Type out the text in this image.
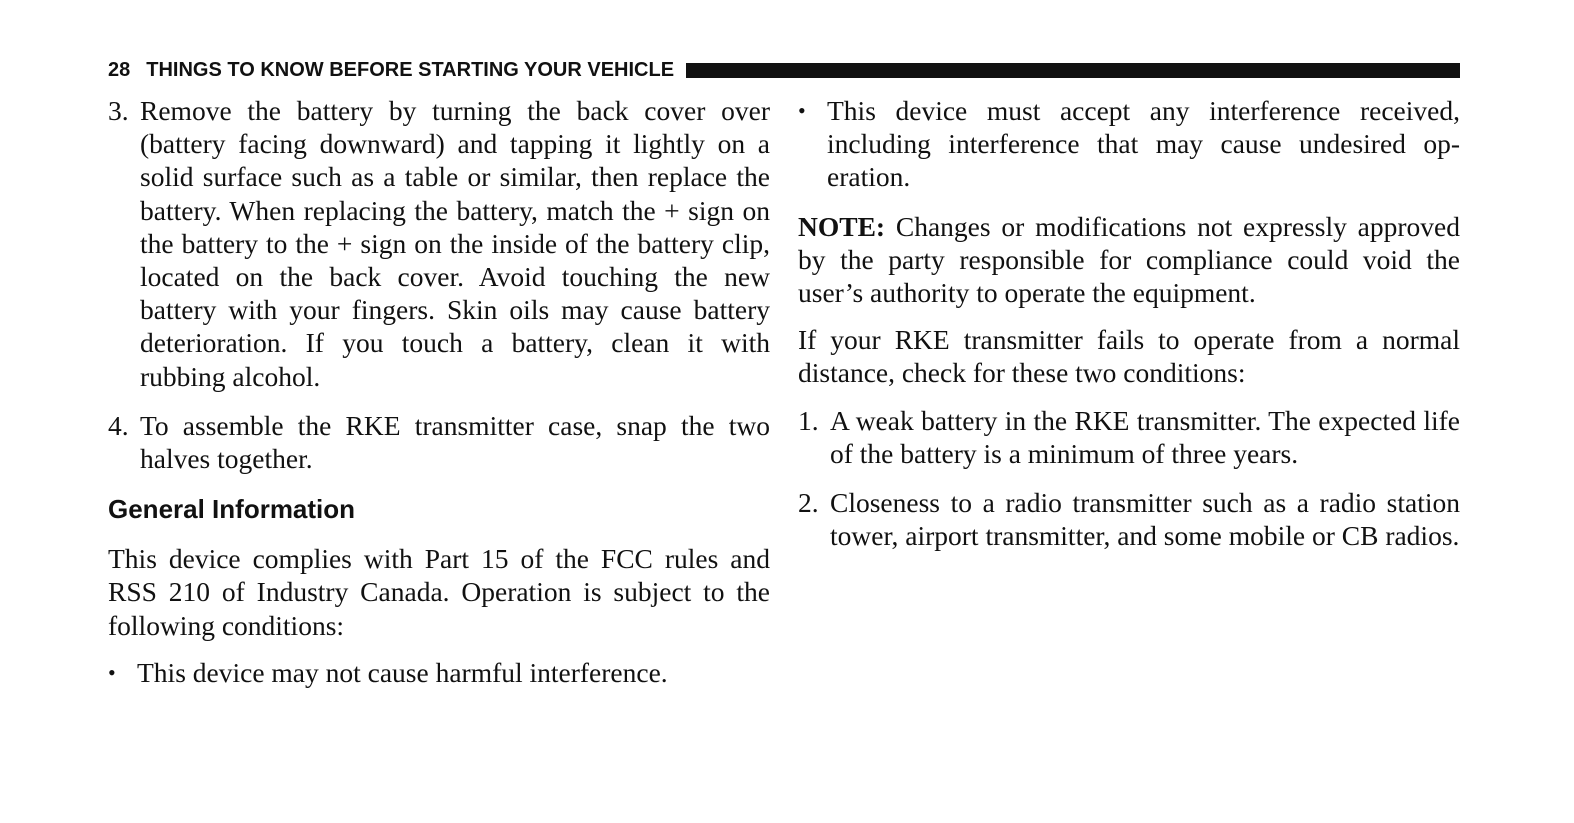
28 THINGS TO KNOW BEFORE STARTING YOUR VEHICLE
3. Remove the battery by turning the back cover over (battery facing downward) and tapping it lightly on a solid surface such as a table or similar, then replace the battery. When replacing the battery, match the + sign on the battery to the + sign on the inside of the battery clip, located on the back cover. Avoid touching the new battery with your fingers. Skin oils may cause battery deterioration. If you touch a battery, clean it with rubbing alcohol.
4. To assemble the RKE transmitter case, snap the two halves together.
General Information
This device complies with Part 15 of the FCC rules and RSS 210 of Industry Canada. Operation is subject to the following conditions:
• This device may not cause harmful interference.
• This device must accept any interference received, including interference that may cause undesired op-eration.
NOTE: Changes or modifications not expressly approved by the party responsible for compliance could void the user’s authority to operate the equipment.
If your RKE transmitter fails to operate from a normal distance, check for these two conditions:
1. A weak battery in the RKE transmitter. The expected life of the battery is a minimum of three years.
2. Closeness to a radio transmitter such as a radio station tower, airport transmitter, and some mobile or CB radios.
